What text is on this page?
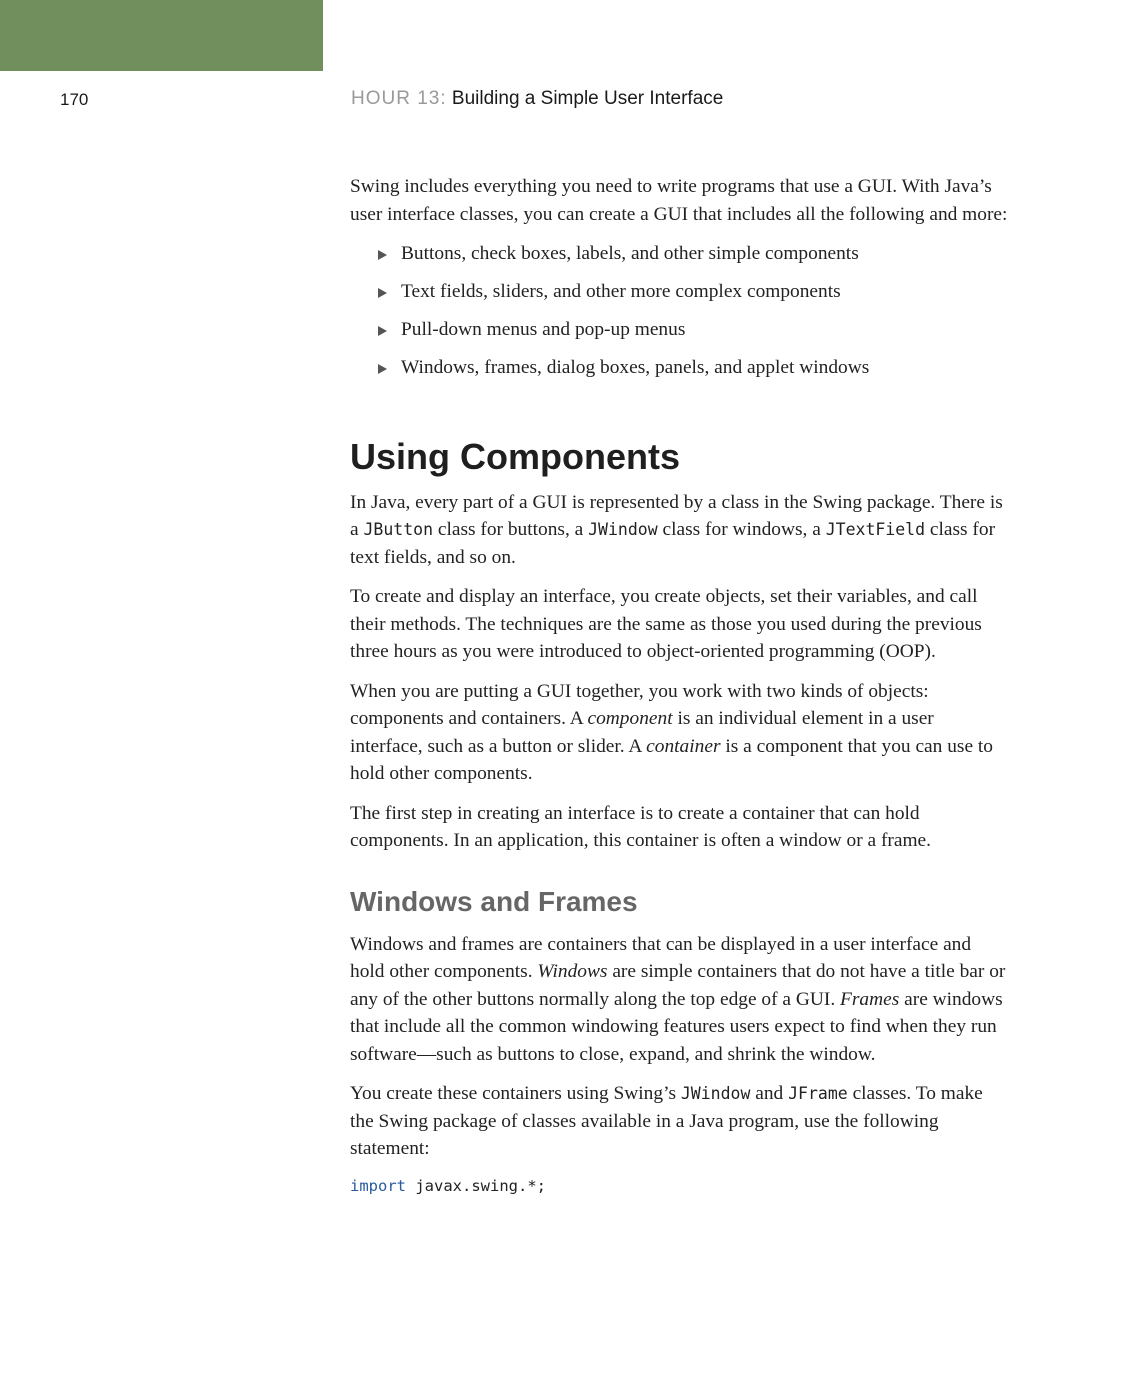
170	HOUR 13: Building a Simple User Interface

Swing includes everything you need to write programs that use a GUI. With Java’s user interface classes, you can create a GUI that includes all the following and more:

Buttons, check boxes, labels, and other simple components
Text fields, sliders, and other more complex components
Pull-down menus and pop-up menus
Windows, frames, dialog boxes, panels, and applet windows
Using Components

In Java, every part of a GUI is represented by a class in the Swing package. There is a JButton class for buttons, a JWindow class for windows, a JTextField class for text fields, and so on.

To create and display an interface, you create objects, set their variables, and call their methods. The techniques are the same as those you used during the previous three hours as you were introduced to object-oriented programming (OOP).

When you are putting a GUI together, you work with two kinds of objects: components and containers. A component is an individual element in a user interface, such as a button or slider. A container is a component that you can use to hold other components.

The first step in creating an interface is to create a container that can hold components. In an application, this container is often a window or a frame.

Windows and Frames

Windows and frames are containers that can be displayed in a user interface and hold other components. Windows are simple containers that do not have a title bar or any of the other buttons normally along the top edge of a GUI. Frames are windows that include all the common windowing features users expect to find when they run software—such as buttons to close, expand, and shrink the window.

You create these containers using Swing’s JWindow and JFrame classes. To make the Swing package of classes available in a Java program, use the following statement:

import javax.swing.*;
